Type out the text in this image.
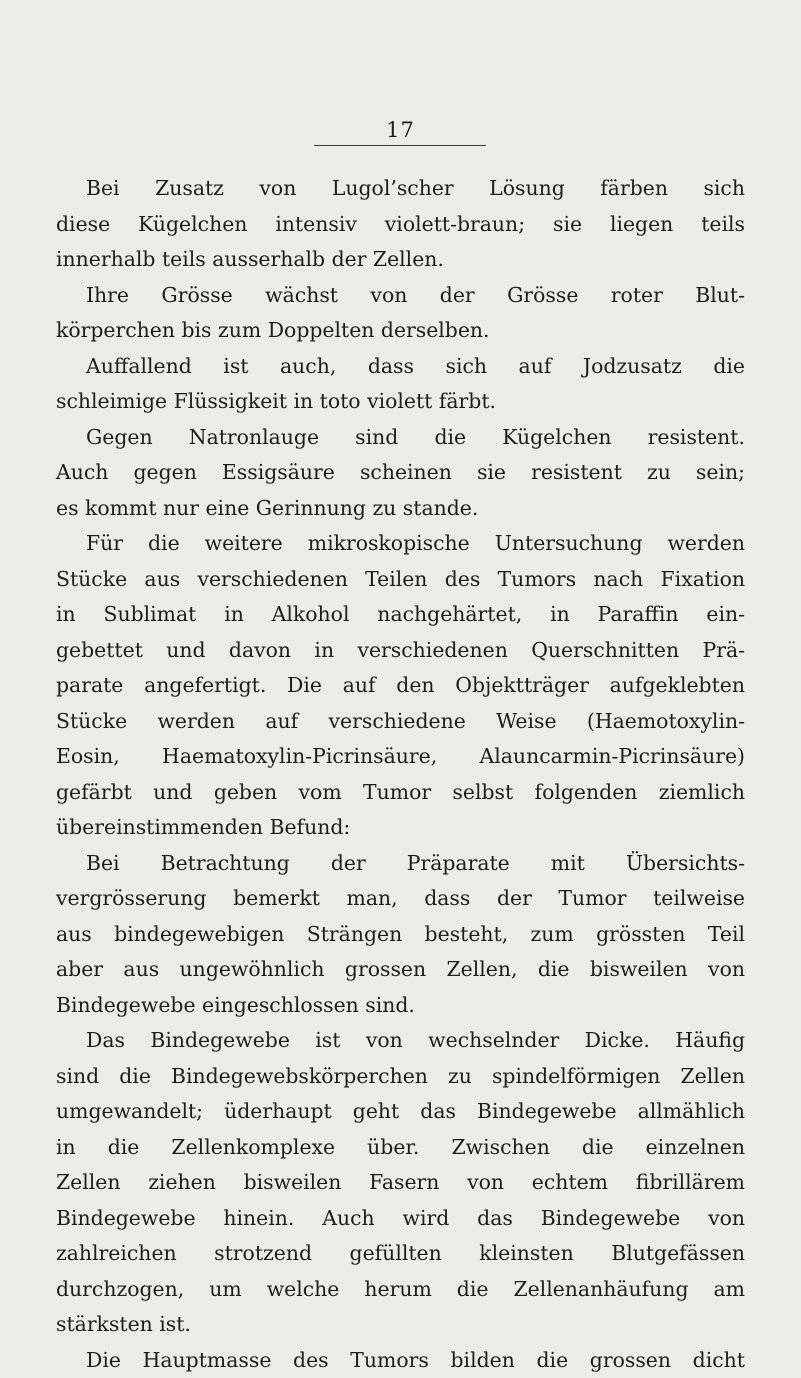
17
Bei Zusatz von Lugol’scher Lösung färben sich
diese Kügelchen intensiv violett-braun; sie liegen teils
innerhalb teils ausserhalb der Zellen.
Ihre Grösse wächst von der Grösse roter Blut-
körperchen bis zum Doppelten derselben.
Auffallend ist auch, dass sich auf Jodzusatz die
schleimige Flüssigkeit in toto violett färbt.
Gegen Natronlauge sind die Kügelchen resistent.
Auch gegen Essigsäure scheinen sie resistent zu sein;
es kommt nur eine Gerinnung zu stande.
Für die weitere mikroskopische Untersuchung werden
Stücke aus verschiedenen Teilen des Tumors nach Fixation
in Sublimat in Alkohol nachgehärtet, in Paraffin ein-
gebettet und davon in verschiedenen Querschnitten Prä-
parate angefertigt. Die auf den Objektträger aufgeklebten
Stücke werden auf verschiedene Weise (Haemotoxylin-
Eosin, Haematoxylin-Picrinsäure, Alauncarmin-Picrinsäure)
gefärbt und geben vom Tumor selbst folgenden ziemlich
übereinstimmenden Befund:
Bei Betrachtung der Präparate mit Übersichts-
vergrösserung bemerkt man, dass der Tumor teilweise
aus bindegewebigen Strängen besteht, zum grössten Teil
aber aus ungewöhnlich grossen Zellen, die bisweilen von
Bindegewebe eingeschlossen sind.
Das Bindegewebe ist von wechselnder Dicke. Häufig
sind die Bindegewebskörperchen zu spindelförmigen Zellen
umgewandelt; üderhaupt geht das Bindegewebe allmählich
in die Zellenkomplexe über. Zwischen die einzelnen
Zellen ziehen bisweilen Fasern von echtem fibrillärem
Bindegewebe hinein. Auch wird das Bindegewebe von
zahlreichen strotzend gefüllten kleinsten Blutgefässen
durchzogen, um welche herum die Zellenanhäufung am
stärksten ist.
Die Hauptmasse des Tumors bilden die grossen dicht
